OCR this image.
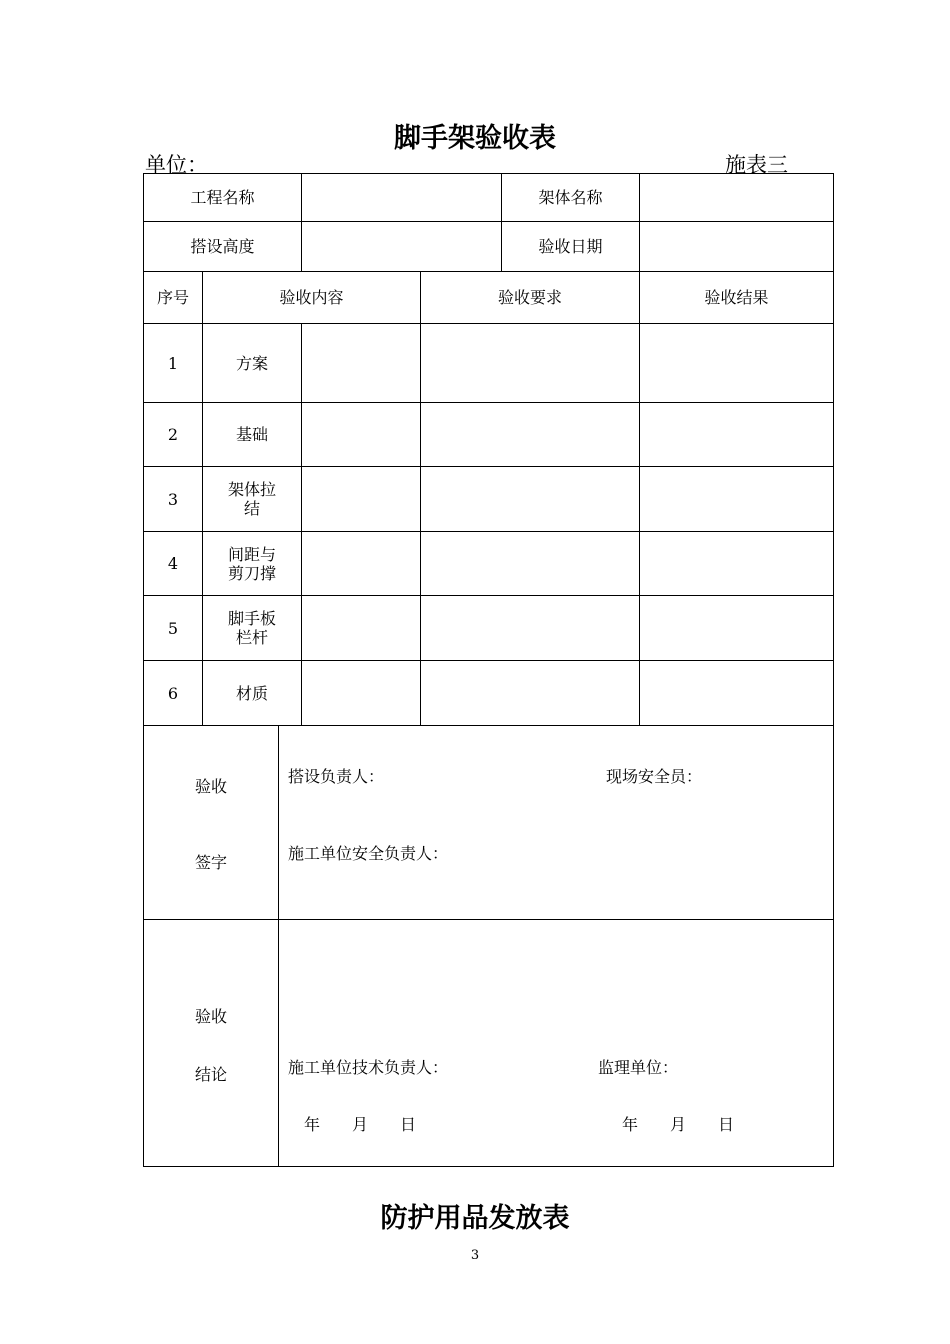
脚手架验收表
单位：	施表三
工程名称					架体名称	
搭设高度					验收日期	
序号	验收内容			验收要求		验收结果
1	方案					
2	基础					
3	架体拉
结					
4	间距与
剪刀撑					
5	脚手板
栏杆					
6	材质					

验收
签字		搭设负责人： 现场安全员：
施工单位安全负责人：				

验收
结论		施工单位技术负责人： 监理单位：
年　　月　　日 年　　月　　日				
防护用品发放表
3
